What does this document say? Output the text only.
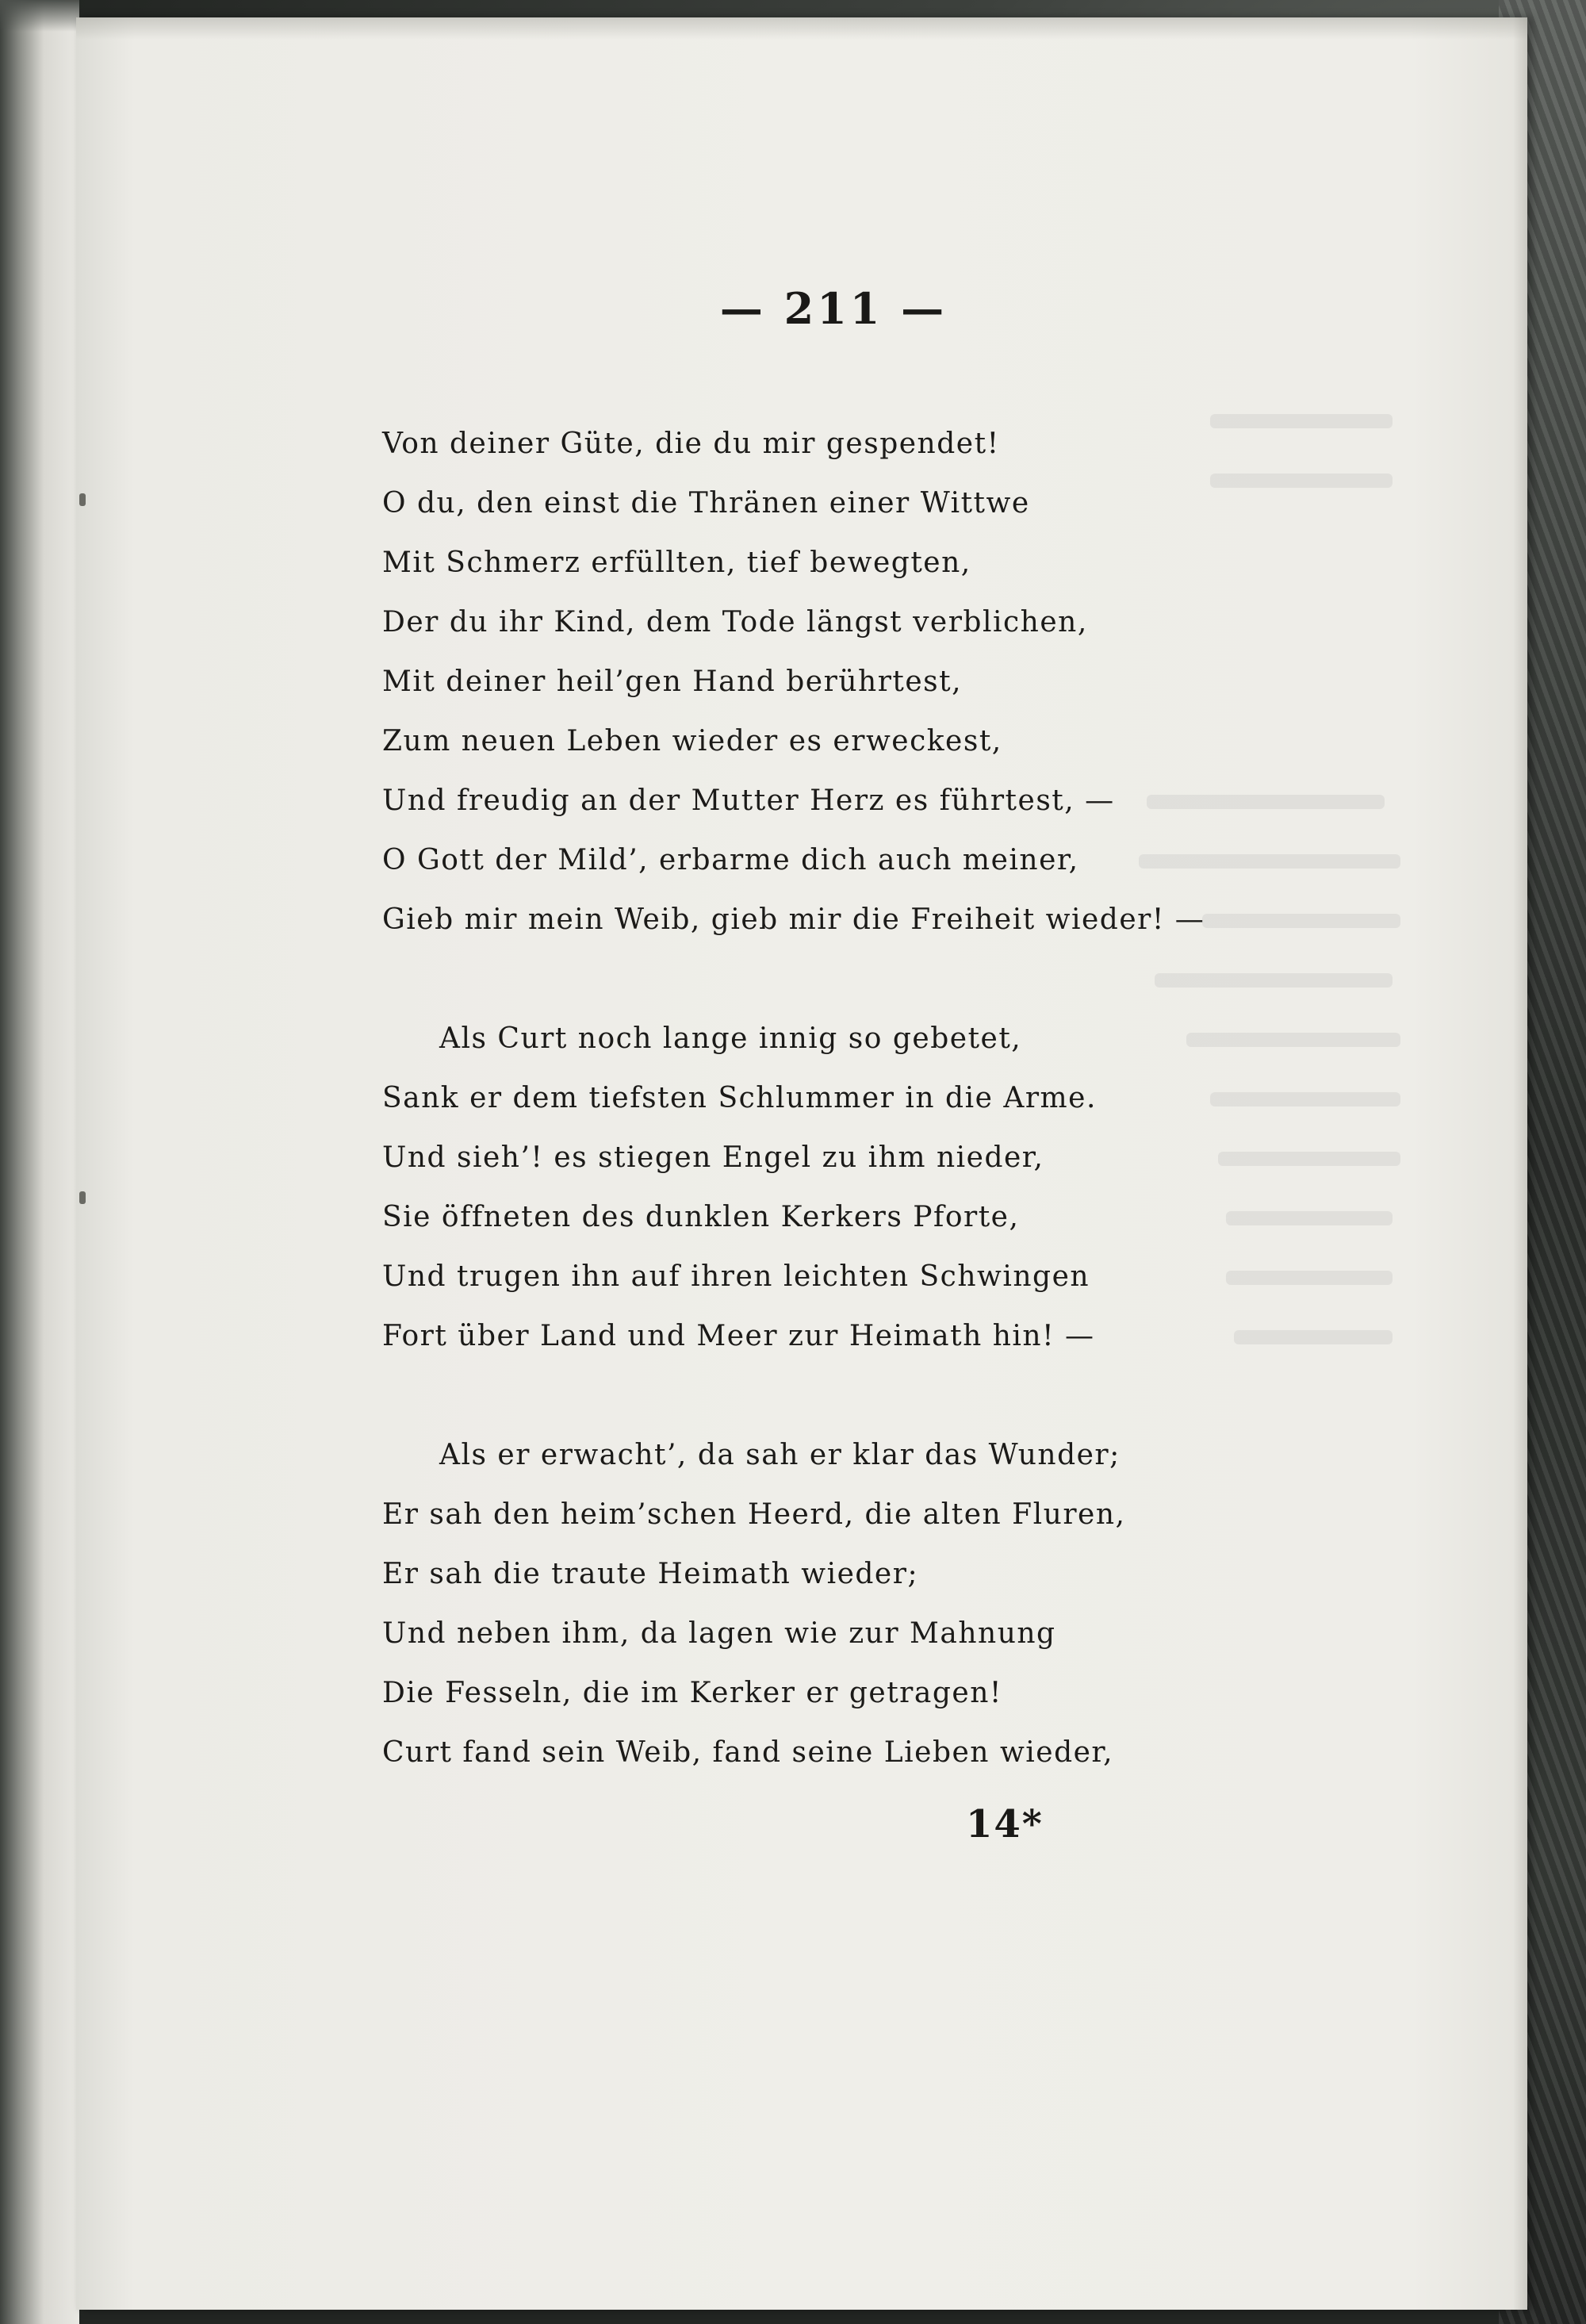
— 211 —
Von deiner Güte, die du mir gespendet!
O du, den einst die Thränen einer Wittwe
Mit Schmerz erfüllten, tief bewegten,
Der du ihr Kind, dem Tode längst verblichen,
Mit deiner heil’gen Hand berührtest,
Zum neuen Leben wieder es erweckest,
Und freudig an der Mutter Herz es führtest, —
O Gott der Mild’, erbarme dich auch meiner,
Gieb mir mein Weib, gieb mir die Freiheit wieder! —
Als Curt noch lange innig so gebetet,
Sank er dem tiefsten Schlummer in die Arme.
Und sieh’! es stiegen Engel zu ihm nieder,
Sie öffneten des dunklen Kerkers Pforte,
Und trugen ihn auf ihren leichten Schwingen
Fort über Land und Meer zur Heimath hin! —
Als er erwacht’, da sah er klar das Wunder;
Er sah den heim’schen Heerd, die alten Fluren,
Er sah die traute Heimath wieder;
Und neben ihm, da lagen wie zur Mahnung
Die Fesseln, die im Kerker er getragen!
Curt fand sein Weib, fand seine Lieben wieder,
14*
